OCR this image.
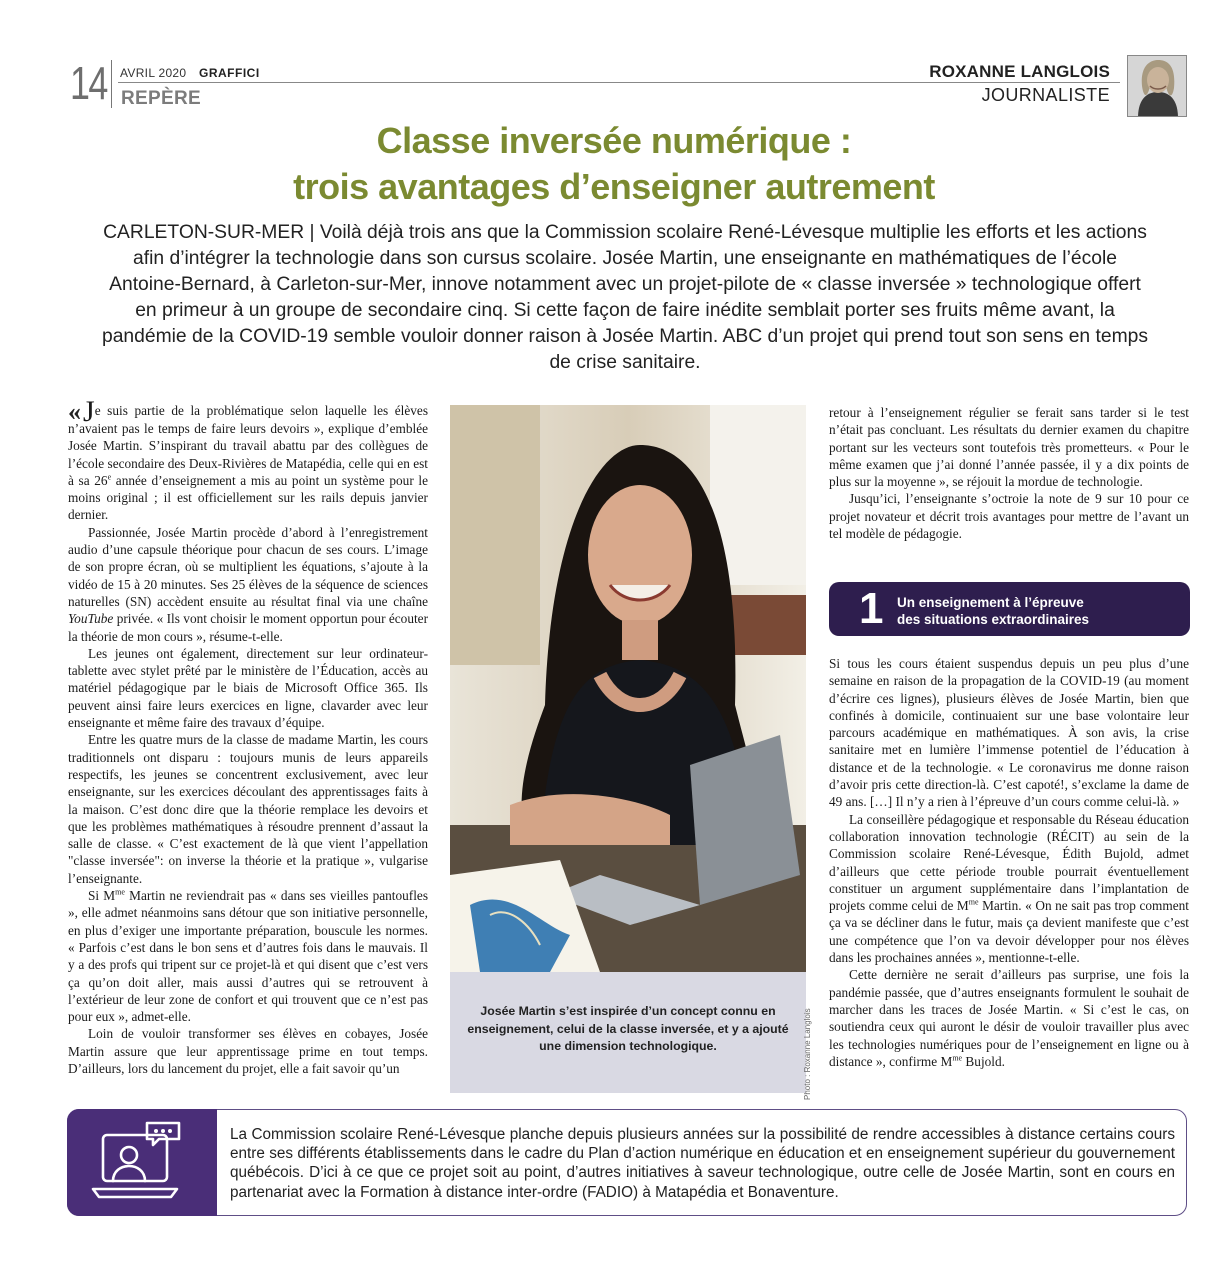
14 AVRIL 2020 GRAFFICI
REPÈRE
ROXANNE LANGLOIS
JOURNALISTE
Classe inversée numérique :
trois avantages d’enseigner autrement

CARLETON-SUR-MER | Voilà déjà trois ans que la Commission scolaire René-Lévesque multiplie les efforts et les actions afin d’intégrer la technologie dans son cursus scolaire. Josée Martin, une enseignante en mathématiques de l’école Antoine-Bernard, à Carleton-sur-Mer, innove notamment avec un projet-pilote de « classe inversée » technologique offert en primeur à un groupe de secondaire cinq. Si cette façon de faire inédite semblait porter ses fruits même avant, la pandémie de la COVID-19 semble vouloir donner raison à Josée Martin. ABC d’un projet qui prend tout son sens en temps de crise sanitaire.

«Je suis partie de la problématique selon laquelle les élèves n’avaient pas le temps de faire leurs devoirs », explique d’emblée Josée Martin. S’inspirant du travail abattu par des collègues de l’école secondaire des Deux-Rivières de Matapédia, celle qui en est à sa 26e année d’enseignement a mis au point un système pour le moins original ; il est officiellement sur les rails depuis janvier dernier.

Passionnée, Josée Martin procède d’abord à l’enregistrement audio d’une capsule théorique pour chacun de ses cours. L’image de son propre écran, où se multiplient les équations, s’ajoute à la vidéo de 15 à 20 minutes. Ses 25 élèves de la séquence de sciences naturelles (SN) accèdent ensuite au résultat final via une chaîne YouTube privée. « Ils vont choisir le moment opportun pour écouter la théorie de mon cours », résume-t-elle.

Les jeunes ont également, directement sur leur ordinateur-tablette avec stylet prêté par le ministère de l’Éducation, accès au matériel pédagogique par le biais de Microsoft Office 365. Ils peuvent ainsi faire leurs exercices en ligne, clavarder avec leur enseignante et même faire des travaux d’équipe.

Entre les quatre murs de la classe de madame Martin, les cours traditionnels ont disparu : toujours munis de leurs appareils respectifs, les jeunes se concentrent exclusivement, avec leur enseignante, sur les exercices découlant des apprentissages faits à la maison. C’est donc dire que la théorie remplace les devoirs et que les problèmes mathématiques à résoudre prennent d’assaut la salle de classe. « C’est exactement de là que vient l’appellation "classe inversée": on inverse la théorie et la pratique », vulgarise l’enseignante.

Si $M^{me}$ Martin ne reviendrait pas « dans ses vieilles pantoufles », elle admet néanmoins sans détour que son initiative personnelle, en plus d’exiger une importante préparation, bouscule les normes. « Parfois c’est dans le bon sens et d’autres fois dans le mauvais. Il y a des profs qui tripent sur ce projet-là et qui disent que c’est vers ça qu’on doit aller, mais aussi d’autres qui se retrouvent à l’extérieur de leur zone de confort et qui trouvent que ce n’est pas pour eux », admet-elle.

Loin de vouloir transformer ses élèves en cobayes, Josée Martin assure que leur apprentissage prime en tout temps. D’ailleurs, lors du lancement du projet, elle a fait savoir qu’un

Josée Martin s’est inspirée d’un concept connu en enseignement, celui de la classe inversée, et y a ajouté une dimension technologique.	Photo : Roxanne Langlois

retour à l’enseignement régulier se ferait sans tarder si le test n’était pas concluant. Les résultats du dernier examen du chapitre portant sur les vecteurs sont toutefois très prometteurs. « Pour le même examen que j’ai donné l’année passée, il y a dix points de plus sur la moyenne », se réjouit la mordue de technologie.

Jusqu’ici, l’enseignante s’octroie la note de 9 sur 10 pour ce projet novateur et décrit trois avantages pour mettre de l’avant un tel modèle de pédagogie.

1 Un enseignement à l’épreuve
des situations extraordinaires

Si tous les cours étaient suspendus depuis un peu plus d’une semaine en raison de la propagation de la COVID-19 (au moment d’écrire ces lignes), plusieurs élèves de Josée Martin, bien que confinés à domicile, continuaient sur une base volontaire leur parcours académique en mathématiques. À son avis, la crise sanitaire met en lumière l’immense potentiel de l’éducation à distance et de la technologie. « Le coronavirus me donne raison d’avoir pris cette direction-là. C’est capoté!, s’exclame la dame de 49 ans. […] Il n’y a rien à l’épreuve d’un cours comme celui-là. »

La conseillère pédagogique et responsable du Réseau éducation collaboration innovation technologie (RÉCIT) au sein de la Commission scolaire René-Lévesque, Édith Bujold, admet d’ailleurs que cette période trouble pourrait éventuellement constituer un argument supplémentaire dans l’implantation de projets comme celui de $M^{me}$ Martin. « On ne sait pas trop comment ça va se décliner dans le futur, mais ça devient manifeste que c’est une compétence que l’on va devoir développer pour nos élèves dans les prochaines années », mentionne-t-elle.

Cette dernière ne serait d’ailleurs pas surprise, une fois la pandémie passée, que d’autres enseignants formulent le souhait de marcher dans les traces de Josée Martin. « Si c’est le cas, on soutiendra ceux qui auront le désir de vouloir travailler plus avec les technologies numériques pour de l’enseignement en ligne ou à distance », confirme $M^{me}$ Bujold.

La Commission scolaire René-Lévesque planche depuis plusieurs années sur la possibilité de rendre accessibles à distance certains cours entre ses différents établissements dans le cadre du Plan d’action numérique en éducation et en enseignement supérieur du gouvernement québécois. D’ici à ce que ce projet soit au point, d’autres initiatives à saveur technologique, outre celle de Josée Martin, sont en cours en partenariat avec la Formation à distance inter-ordre (FADIO) à Matapédia et Bonaventure.
